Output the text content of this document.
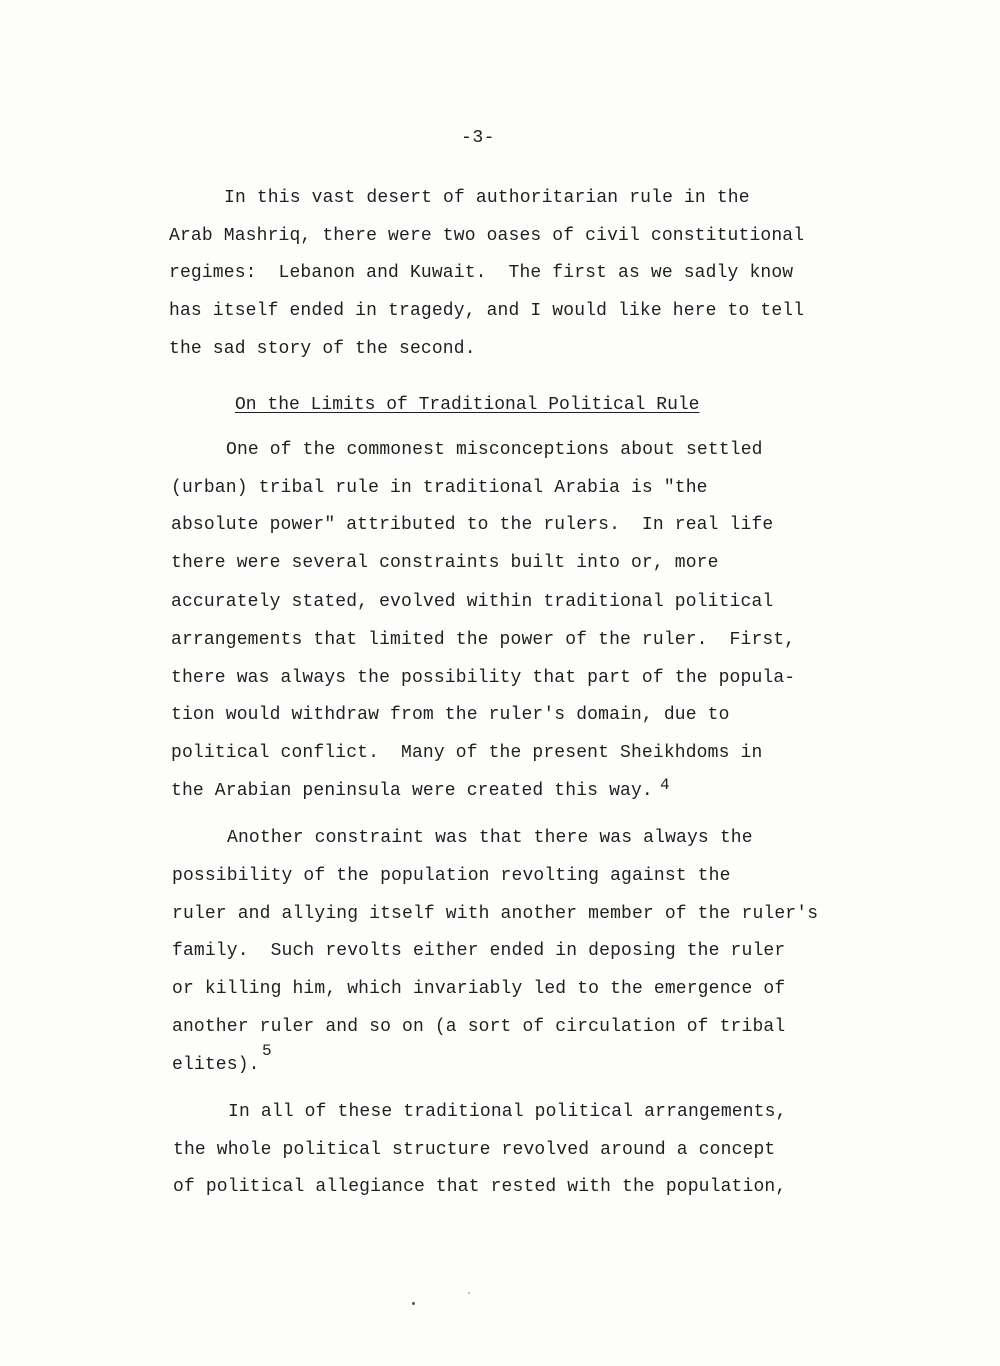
-3-
In this vast desert of authoritarian rule in the
Arab Mashriq, there were two oases of civil constitutional
regimes:  Lebanon and Kuwait.  The first as we sadly know
has itself ended in tragedy, and I would like here to tell
the sad story of the second.
On the Limits of Traditional Political Rule
One of the commonest misconceptions about settled
(urban) tribal rule in traditional Arabia is "the
absolute power" attributed to the rulers.  In real life
there were several constraints built into or, more
accurately stated, evolved within traditional political
arrangements that limited the power of the ruler.  First,
there was always the possibility that part of the popula-
tion would withdraw from the ruler's domain, due to
political conflict.  Many of the present Sheikhdoms in
the Arabian peninsula were created this way. 4
Another constraint was that there was always the
possibility of the population revolting against the
ruler and allying itself with another member of the ruler's
family.  Such revolts either ended in deposing the ruler
or killing him, which invariably led to the emergence of
another ruler and so on (a sort of circulation of tribal
elites).
5
In all of these traditional political arrangements,
the whole political structure revolved around a concept
of political allegiance that rested with the population,
